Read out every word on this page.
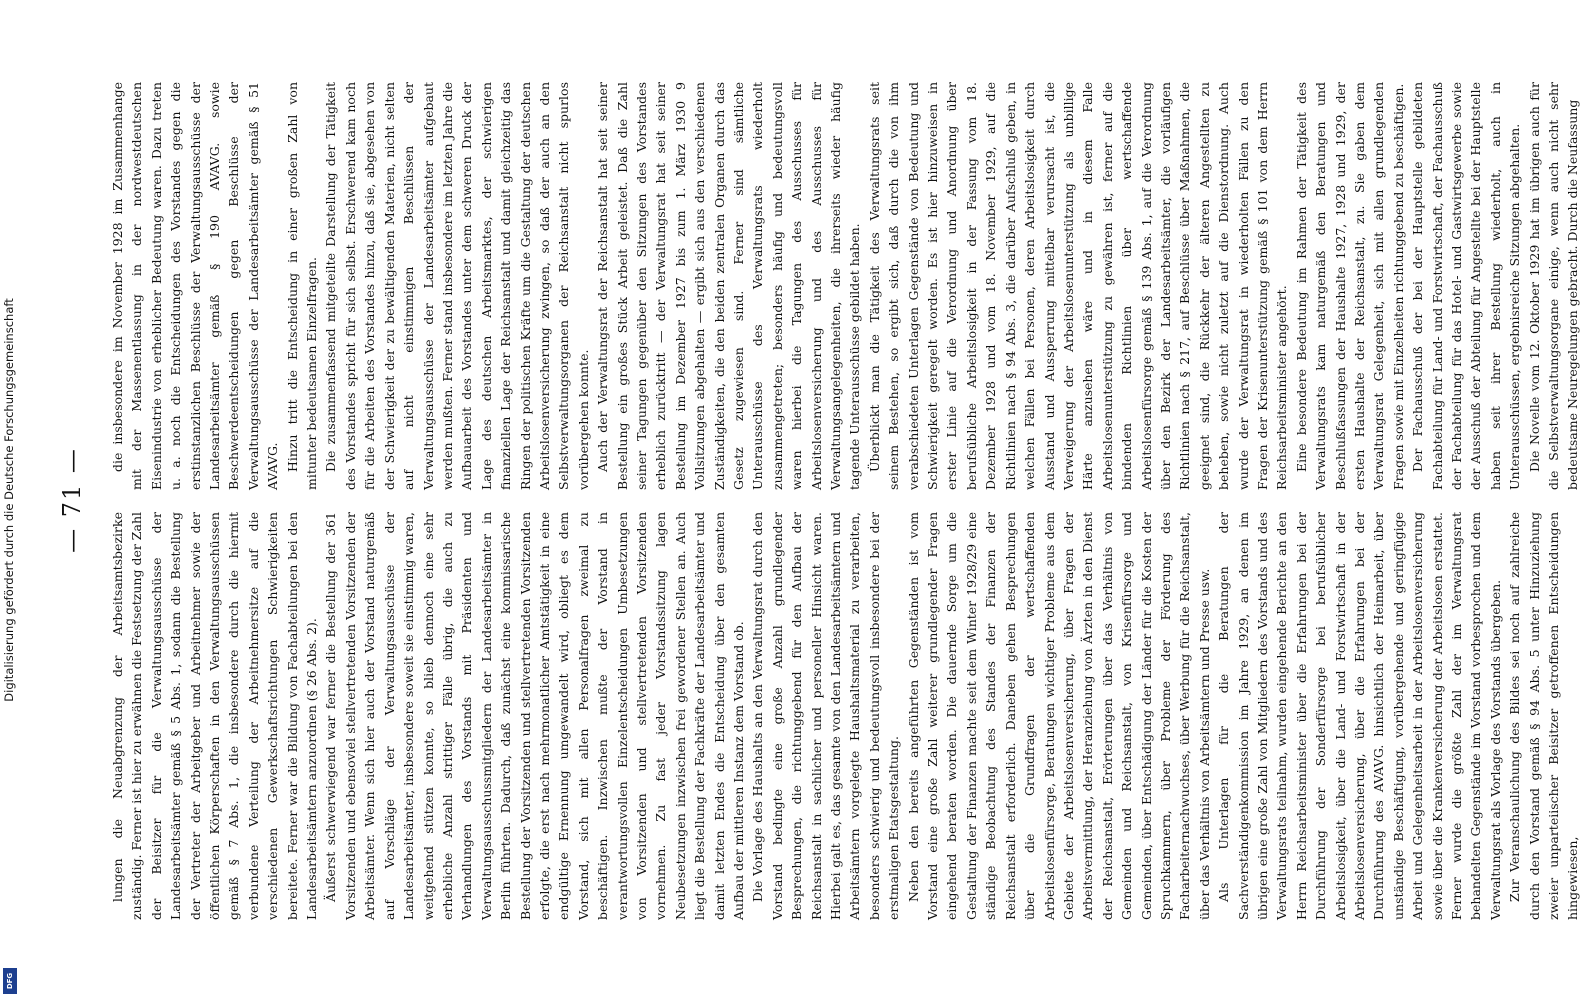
— 71 —

lungen die Neuabgrenzung der Arbeitsamtsbezirke zuständig. Ferner ist hier zu erwähnen die Festsetzung der Zahl der Beisitzer für die Verwaltungsausschüsse der Landesarbeitsämter gemäß § 5 Abs. 1, sodann die Bestellung der Vertreter der Arbeitgeber und Arbeitnehmer sowie der öffentlichen Körperschaften in den Verwaltungsausschüssen gemäß § 7 Abs. 1, die insbesondere durch die hiermit verbundene Verteilung der Arbeitnehmersitze auf die verschiedenen Gewerkschaftsrichtungen Schwierigkeiten bereitete. Ferner war die Bildung von Fachabteilungen bei den Landesarbeitsämtern anzuordnen (§ 26 Abs. 2). Äußerst schwerwiegend war ferner die Bestellung der 361 Vorsitzenden und ebensoviel stellvertretenden Vorsitzenden der Arbeitsämter. Wenn sich hier auch der Vorstand naturgemäß auf Vorschläge der Verwaltungsausschüsse der Landesarbeitsämter, insbesondere soweit sie einstimmig waren, weitgehend stützen konnte, so blieb dennoch eine sehr erhebliche Anzahl strittiger Fälle übrig, die auch zu Verhandlungen des Vorstands mit Präsidenten und Verwaltungsausschussmitgliedern der Landesarbeitsämter in Berlin führten. Dadurch, daß zunächst eine kommissarische Bestellung der Vorsitzenden und stellvertretenden Vorsitzenden erfolgte, die erst nach mehrmonatlicher Amtstätigkeit in eine endgültige Ernennung umgewandelt wird, obliegt es dem Vorstand, sich mit allen Personalfragen zweimal zu beschäftigen. Inzwischen mußte der Vorstand in verantwortungsvollen Einzelentscheidungen Umbesetzungen von Vorsitzenden und stellvertretenden Vorsitzenden vornehmen. Zu fast jeder Vorstandssitzung lagen Neubesetzungen inzwischen frei gewordener Stellen an. Auch liegt die Bestellung der Fachkräfte der Landesarbeitsämter und damit letzten Endes die Entscheidung über den gesamten Aufbau der mittleren Instanz dem Vorstand ob. Die Vorlage des Haushalts an den Verwaltungsrat durch den Vorstand bedingte eine große Anzahl grundlegender Besprechungen, die richtunggebend für den Aufbau der Reichsanstalt in sachlicher und personeller Hinsicht waren. Hierbei galt es, das gesamte von den Landesarbeitsämtern und Arbeitsämtern vorgelegte Haushaltsmaterial zu verarbeiten, besonders schwierig und bedeutungsvoll insbesondere bei der erstmaligen Etatsgestaltung. Neben den bereits angeführten Gegenständen ist vom Vorstand eine große Zahl weiterer grundlegender Fragen eingehend beraten worden. Die dauernde Sorge um die Gestaltung der Finanzen machte seit dem Winter 1928/29 eine ständige Beobachtung des Standes der Finanzen der Reichsanstalt erforderlich. Daneben gehen Besprechungen über die Grundfragen der wertschaffenden Arbeitslosenfürsorge, Beratungen wichtiger Probleme aus dem Gebiete der Arbeitslosenversicherung, über Fragen der Arbeitsvermittlung, der Heranziehung von Ärzten in den Dienst der Reichsanstalt, Erörterungen über das Verhältnis von Gemeinden und Reichsanstalt, von Krisenfürsorge und Gemeinden, über Entschädigung der Länder für die Kosten der Spruchkammern, über Probleme der Förderung des Facharbeiternachwuchses, über Werbung für die Reichsanstalt, über das Verhältnis von Arbeitsämtern und Presse usw. Als Unterlagen für die Beratungen der Sachverständigenkommission im Jahre 1929, an denen im übrigen eine große Zahl von Mitgliedern des Vorstands und des Verwaltungsrats teilnahm, wurden eingehende Berichte an den Herrn Reichsarbeitsminister über die Erfahrungen bei der Durchführung der Sonderfürsorge bei berufsüblicher Arbeitslosigkeit, über die Land- und Forstwirtschaft in der Arbeitslosenversicherung, über die Erfahrungen bei der Durchführung des AVAVG. hinsichtlich der Heimarbeit, über unständige Beschäftigung, vorübergehende und geringfügige Arbeit und Gelegenheitsarbeit in der Arbeitslosenversicherung sowie über die Krankenversicherung der Arbeitslosen erstattet. Ferner wurde die größte Zahl der im Verwaltungsrat behandelten Gegenstände im Vorstand vorbesprochen und dem Verwaltungsrat als Vorlage des Vorstands übergeben. Zur Veranschaulichung des Bildes sei noch auf zahlreiche durch den Vorstand gemäß § 94 Abs. 5 unter Hinzuziehung zweier unparteiischer Beisitzer getroffenen Entscheidungen hingewiesen,

die insbesondere im November 1928 im Zusammenhange mit der Massenentlassung in der nordwestdeutschen Eisenindustrie von erheblicher Bedeutung waren. Dazu treten u. a. noch die Entscheidungen des Vorstandes gegen die erstinstanzlichen Beschlüsse der Verwaltungsausschüsse der Landesarbeitsämter gemäß § 190 AVAVG. sowie Beschwerdeentscheidungen gegen Beschlüsse der Verwaltungsausschüsse der Landesarbeitsämter gemäß § 51 AVAVG. Hinzu tritt die Entscheidung in einer großen Zahl von mitunter bedeutsamen Einzelfragen. Die zusammenfassend mitgeteilte Darstellung der Tätigkeit des Vorstandes spricht für sich selbst. Erschwerend kam noch für die Arbeiten des Vorstandes hinzu, daß sie, abgesehen von der Schwierigkeit der zu bewältigenden Materien, nicht selten auf nicht einstimmigen Beschlüssen der Verwaltungsausschüsse der Landesarbeitsämter aufgebaut werden mußten. Ferner stand insbesondere im letzten Jahre die Aufbauarbeit des Vorstandes unter dem schweren Druck der Lage des deutschen Arbeitsmarktes, der schwierigen finanziellen Lage der Reichsanstalt und damit gleichzeitig das Ringen der politischen Kräfte um die Gestaltung der deutschen Arbeitslosenversicherung zwingen, so daß der auch an den Selbstverwaltungsorganen der Reichsanstalt nicht spurlos vorübergehen konnte. Auch der Verwaltungsrat der Reichsanstalt hat seit seiner Bestellung ein großes Stück Arbeit geleistet. Daß die Zahl seiner Tagungen gegenüber den Sitzungen des Vorstandes erheblich zurücktritt — der Verwaltungsrat hat seit seiner Bestellung im Dezember 1927 bis zum 1. März 1930 9 Vollsitzungen abgehalten — ergibt sich aus den verschiedenen Zuständigkeiten, die den beiden zentralen Organen durch das Gesetz zugewiesen sind. Ferner sind sämtliche Unterausschüsse des Verwaltungsrats wiederholt zusammengetreten; besonders häufig und bedeutungsvoll waren hierbei die Tagungen des Ausschusses für Arbeitslosenversicherung und des Ausschusses für Verwaltungsangelegenheiten, die ihrerseits wieder häufig tagende Unterausschüsse gebildet haben. Überblickt man die Tätigkeit des Verwaltungsrats seit seinem Bestehen, so ergibt sich, daß durch die von ihm verabschiedeten Unterlagen Gegenstände von Bedeutung und Schwierigkeit geregelt worden. Es ist hier hinzuweisen in erster Linie auf die Verordnung und Anordnung über berufsübliche Arbeitslosigkeit in der Fassung vom 18. Dezember 1928 und vom 18. November 1929, auf die Richtlinien nach § 94 Abs. 3, die darüber Aufschluß geben, in welchen Fällen bei Personen, deren Arbeitslosigkeit durch Ausstand und Aussperrung mittelbar verursacht ist, die Verweigerung der Arbeitslosenunterstützung als unbillige Härte anzusehen wäre und in diesem Falle Arbeitslosenunterstützung zu gewähren ist, ferner auf die bindenden Richtlinien über wertschaffende Arbeitslosenfürsorge gemäß § 139 Abs. 1, auf die Verordnung über den Bezirk der Landesarbeitsämter, die vorläufigen Richtlinien nach § 217, auf Beschlüsse über Maßnahmen, die geeignet sind, die Rückkehr der älteren Angestellten zu beheben, sowie nicht zuletzt auf die Dienstordnung. Auch wurde der Verwaltungsrat in wiederholten Fällen zu den Fragen der Krisenunterstützung gemäß § 101 von dem Herrn Reichsarbeitsminister angehört. Eine besondere Bedeutung im Rahmen der Tätigkeit des Verwaltungsrats kam naturgemäß den Beratungen und Beschlußfassungen der Haushalte 1927, 1928 und 1929, der ersten Haushalte der Reichsanstalt, zu. Sie gaben dem Verwaltungsrat Gelegenheit, sich mit allen grundlegenden Fragen sowie mit Einzelheiten richtunggebend zu beschäftigen. Der Fachausschuß der bei der Hauptstelle gebildeten Fachabteilung für Land- und Forstwirtschaft, der Fachausschuß der Fachabteilung für das Hotel- und Gastwirtsgewerbe sowie der Ausschuß der Abteilung für Angestellte bei der Hauptstelle haben seit ihrer Bestellung wiederholt, auch in Unterausschüssen, ergebnisreiche Sitzungen abgehalten. Die Novelle vom 12. Oktober 1929 hat im übrigen auch für die Selbstverwaltungsorgane einige, wenn auch nicht sehr bedeutsame Neuregelungen gebracht. Durch die Neufassung

Digitalisierung gefördert durch die Deutsche Forschungsgemeinschaft
DFG
